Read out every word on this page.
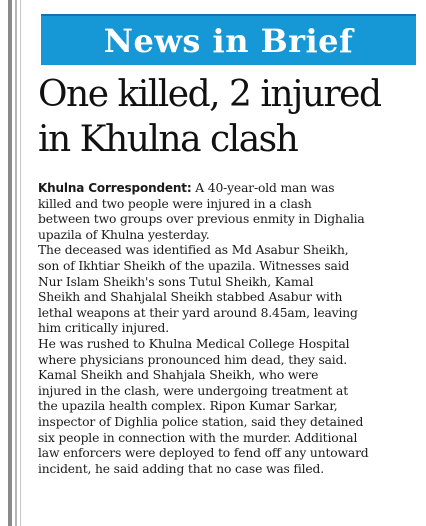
News in Brief
One killed, 2 injured
in Khulna clash
Khulna Correspondent: A 40-year-old man was
killed and two people were injured in a clash
between two groups over previous enmity in Dighalia
upazila of Khulna yesterday.
The deceased was identified as Md Asabur Sheikh,
son of Ikhtiar Sheikh of the upazila. Witnesses said
Nur Islam Sheikh's sons Tutul Sheikh, Kamal
Sheikh and Shahjalal Sheikh stabbed Asabur with
lethal weapons at their yard around 8.45am, leaving
him critically injured.
He was rushed to Khulna Medical College Hospital
where physicians pronounced him dead, they said.
Kamal Sheikh and Shahjala Sheikh, who were
injured in the clash, were undergoing treatment at
the upazila health complex. Ripon Kumar Sarkar,
inspector of Dighlia police station, said they detained
six people in connection with the murder. Additional
law enforcers were deployed to fend off any untoward
incident, he said adding that no case was filed.
